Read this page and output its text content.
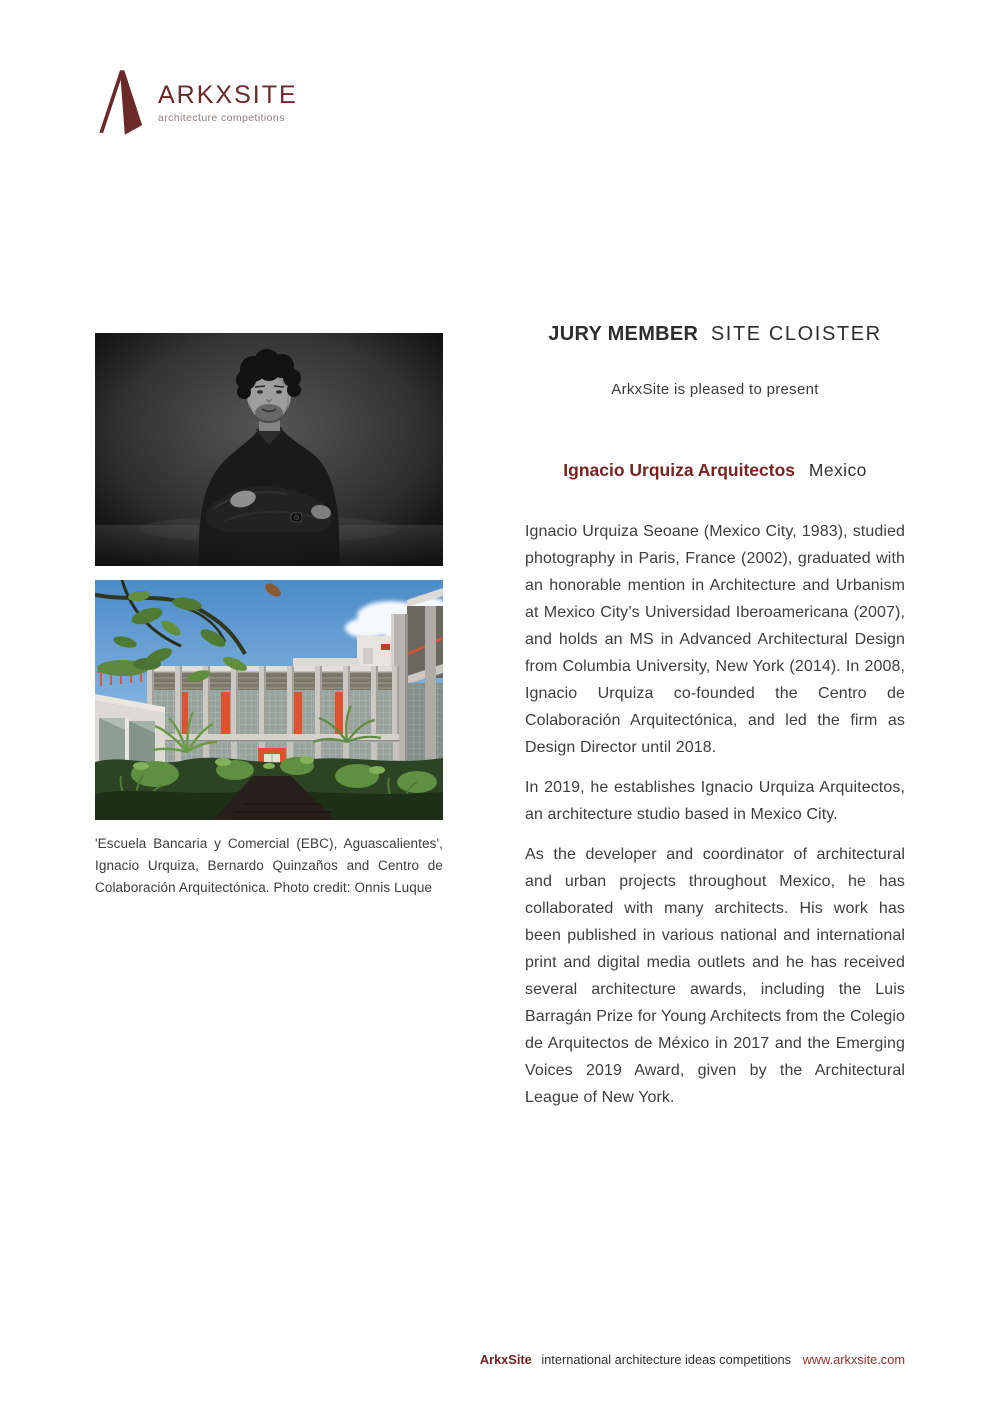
ARKXSITE
architecture competitions

'Escuela Bancaria y Comercial (EBC), Aguascalientes', Ignacio Urquiza, Bernardo Quinzaños and Centro de Colaboración Arquitectónica. Photo credit: Onnis Luque

JURY MEMBER SITE CLOISTER

ArkxSite is pleased to present

Ignacio Urquiza Arquitectos Mexico

Ignacio Urquiza Seoane (Mexico City, 1983), studied photography in Paris, France (2002), graduated with an honorable mention in Architecture and Urbanism at Mexico City’s Universidad Iberoamericana (2007), and holds an MS in Advanced Architectural Design from Columbia University, New York (2014). In 2008, Ignacio Urquiza co-founded the Centro de Colaboración Arquitectónica, and led the firm as Design Director until 2018.

In 2019, he establishes Ignacio Urquiza Arquitectos, an architecture studio based in Mexico City.

As the developer and coordinator of architectural and urban projects throughout Mexico, he has collaborated with many architects. His work has been published in various national and international print and digital media outlets and he has received several architecture awards, including the Luis Barragán Prize for Young Architects from the Colegio de Arquitectos de México in 2017 and the Emerging Voices 2019 Award, given by the Architectural League of New York.

ArkxSite international architecture ideas competitions www.arkxsite.com
